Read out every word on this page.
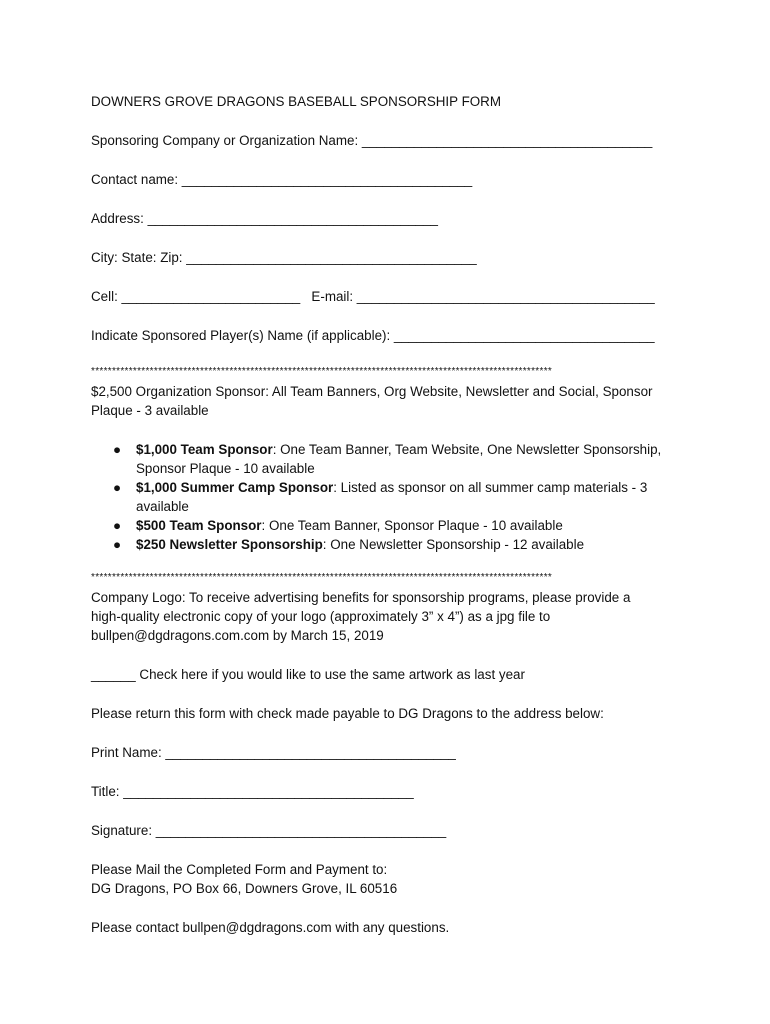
DOWNERS GROVE DRAGONS BASEBALL SPONSORSHIP FORM
Sponsoring Company or Organization Name: _______________________________________
Contact name: _______________________________________
Address: _______________________________________
City: State: Zip: _______________________________________
Cell: ________________________ E-mail: ________________________________________
Indicate Sponsored Player(s) Name (if applicable): ___________________________________
**************************************************************************************************************
$2,500 Organization Sponsor: All Team Banners, Org Website, Newsletter and Social, Sponsor Plaque - 3 available
● $1,000 Team Sponsor: One Team Banner, Team Website, One Newsletter Sponsorship, Sponsor Plaque - 10 available
● $1,000 Summer Camp Sponsor: Listed as sponsor on all summer camp materials - 3 available
● $500 Team Sponsor: One Team Banner, Sponsor Plaque - 10 available
● $250 Newsletter Sponsorship: One Newsletter Sponsorship - 12 available
**************************************************************************************************************
Company Logo: To receive advertising benefits for sponsorship programs, please provide a
high-quality electronic copy of your logo (approximately 3” x 4”) as a jpg file to
bullpen@dgdragons.com.com by March 15, 2019
______ Check here if you would like to use the same artwork as last year
Please return this form with check made payable to DG Dragons to the address below:
Print Name: _______________________________________
Title: _______________________________________
Signature: _______________________________________
Please Mail the Completed Form and Payment to:
DG Dragons, PO Box 66, Downers Grove, IL 60516
Please contact bullpen@dgdragons.com with any questions.
